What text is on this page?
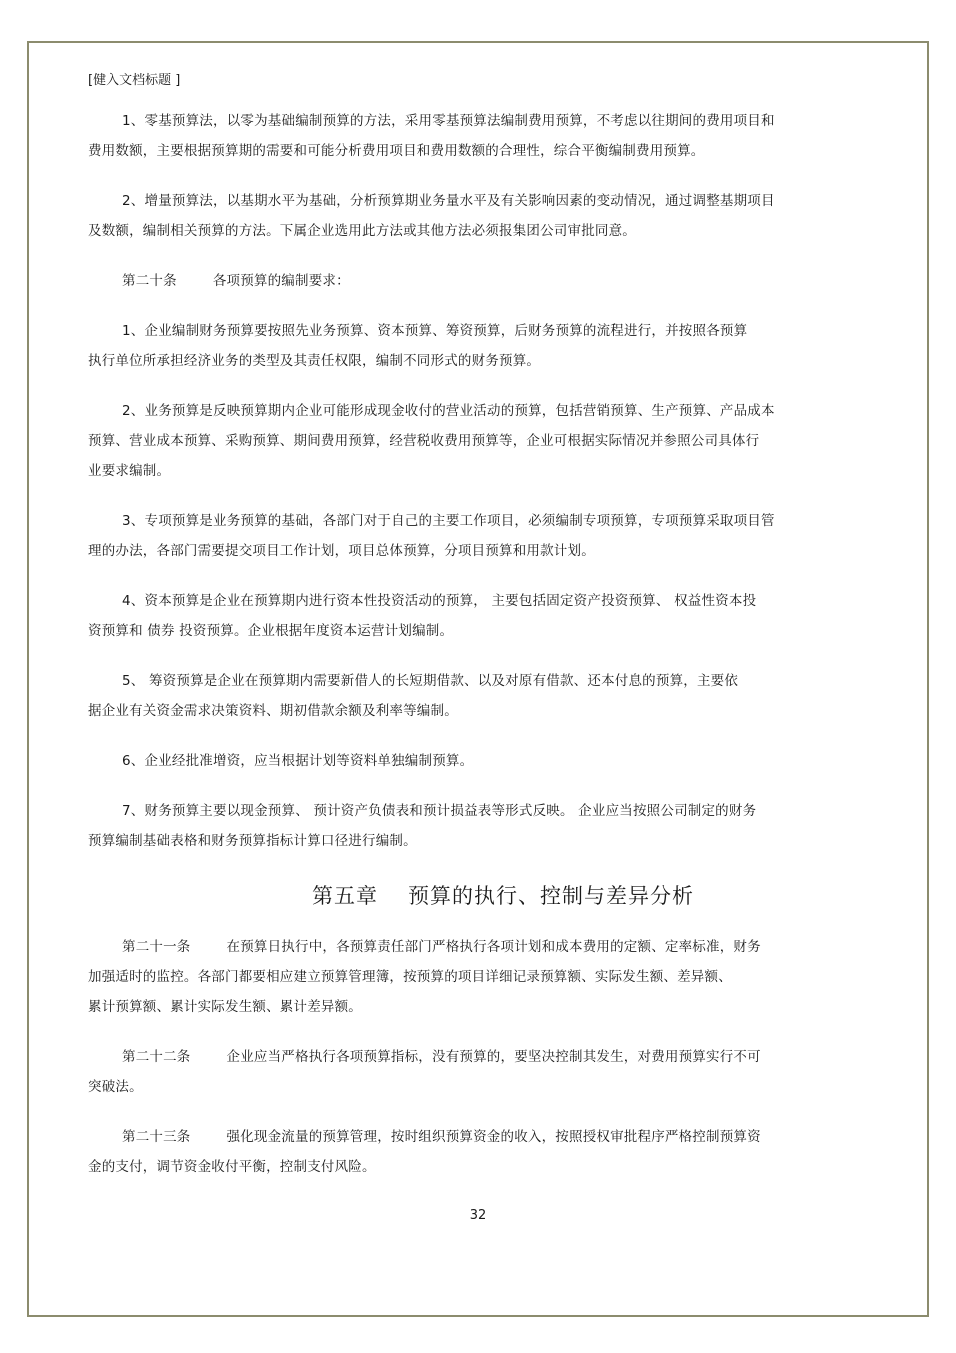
[健入文档标题 ]
1、零基预算法，以零为基础编制预算的方法，采用零基预算法编制费用预算，不考虑以往期间的费用项目和
费用数额，主要根据预算期的需要和可能分析费用项目和费用数额的合理性，综合平衡编制费用预算。
2、增量预算法，以基期水平为基础，分析预算期业务量水平及有关影响因素的变动情况，通过调整基期项目
及数额，编制相关预算的方法。下属企业选用此方法或其他方法必须报集团公司审批同意。
第二十条	各项预算的编制要求：
1、企业编制财务预算要按照先业务预算、资本预算、筹资预算，后财务预算的流程进行，并按照各预算
执行单位所承担经济业务的类型及其责任权限，编制不同形式的财务预算。
2、业务预算是反映预算期内企业可能形成现金收付的营业活动的预算，包括营销预算、生产预算、产品成本
预算、营业成本预算、采购预算、期间费用预算，经营税收费用预算等，企业可根据实际情况并参照公司具体行
业要求编制。
3、专项预算是业务预算的基础，各部门对于自己的主要工作项目，必须编制专项预算，专项预算采取项目管
理的办法，各部门需要提交项目工作计划，项目总体预算，分项目预算和用款计划。
4、资本预算是企业在预算期内进行资本性投资活动的预算， 主要包括固定资产投资预算、 权益性资本投
资预算和 债券 投资预算。企业根据年度资本运营计划编制。
5、 筹资预算是企业在预算期内需要新借人的长短期借款、以及对原有借款、还本付息的预算，主要依
据企业有关资金需求决策资料、期初借款余额及利率等编制。
6、企业经批准增资，应当根据计划等资料单独编制预算。
7、财务预算主要以现金预算、 预计资产负债表和预计损益表等形式反映。 企业应当按照公司制定的财务
预算编制基础表格和财务预算指标计算口径进行编制。
第五章 预算的执行、控制与差异分析
第二十一条	在预算日执行中，各预算责任部门严格执行各项计划和成本费用的定额、定率标准，财务
加强适时的监控。各部门都要相应建立预算管理簿，按预算的项目详细记录预算额、实际发生额、差异额、
累计预算额、累计实际发生额、累计差异额。
第二十二条	企业应当严格执行各项预算指标，没有预算的，要坚决控制其发生，对费用预算实行不可
突破法。
第二十三条	强化现金流量的预算管理，按时组织预算资金的收入，按照授权审批程序严格控制预算资
金的支付，调节资金收付平衡，控制支付风险。
32
